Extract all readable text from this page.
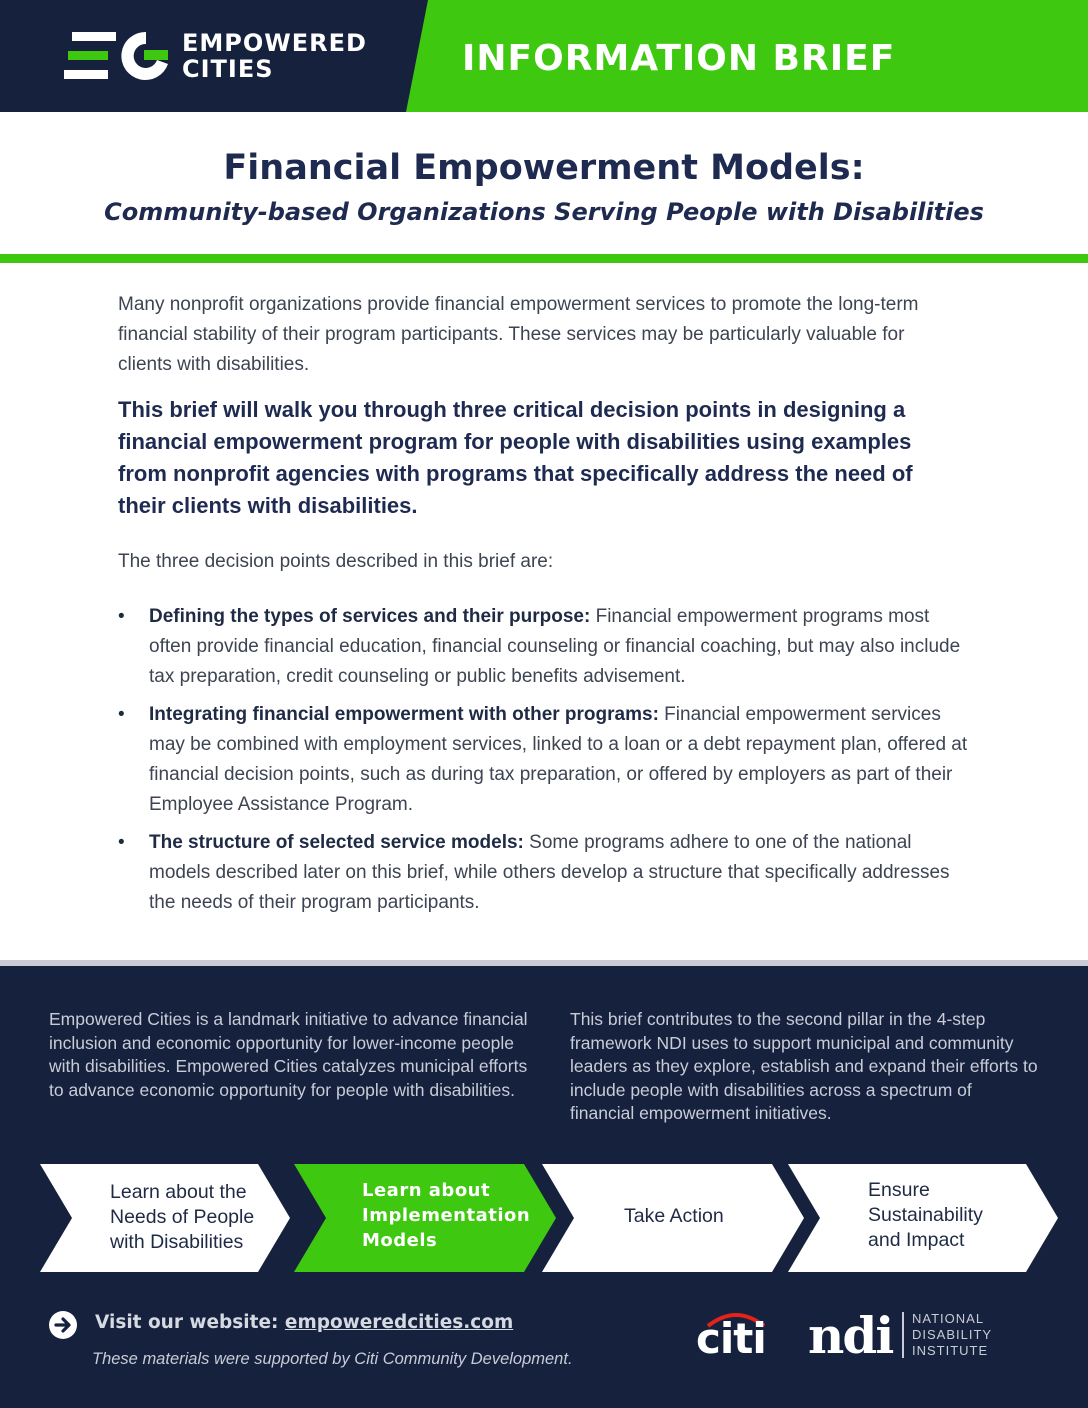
EMPOWERED
CITIES	INFORMATION BRIEF
Financial Empowerment Models:
Community-based Organizations Serving People with Disabilities

Many nonprofit organizations provide financial empowerment services to promote the long-term financial stability of their program participants. These services may be particularly valuable for clients with disabilities.

This brief will walk you through three critical decision points in designing a financial empowerment program for people with disabilities using examples from nonprofit agencies with programs that specifically address the need of their clients with disabilities.

The three decision points described in this brief are:

• Defining the types of services and their purpose: Financial empowerment programs most often provide financial education, financial counseling or financial coaching, but may also include tax preparation, credit counseling or public benefits advisement.
• Integrating financial empowerment with other programs: Financial empowerment services may be combined with employment services, linked to a loan or a debt repayment plan, offered at financial decision points, such as during tax preparation, or offered by employers as part of their Employee Assistance Program.
• The structure of selected service models: Some programs adhere to one of the national models described later on this brief, while others develop a structure that specifically addresses the needs of their program participants.

Empowered Cities is a landmark initiative to advance financial inclusion and economic opportunity for lower-income people with disabilities. Empowered Cities catalyzes municipal efforts to advance economic opportunity for people with disabilities.

This brief contributes to the second pillar in the 4-step framework NDI uses to support municipal and community leaders as they explore, establish and expand their efforts to include people with disabilities across a spectrum of financial empowerment initiatives.

Learn about the Needs of People with Disabilities
Learn about Implementation Models
Take Action
Ensure Sustainability and Impact
Visit our website: empoweredcities.com

These materials were supported by Citi Community Development.	citi ndi NATIONAL
DISABILITY
INSTITUTE
